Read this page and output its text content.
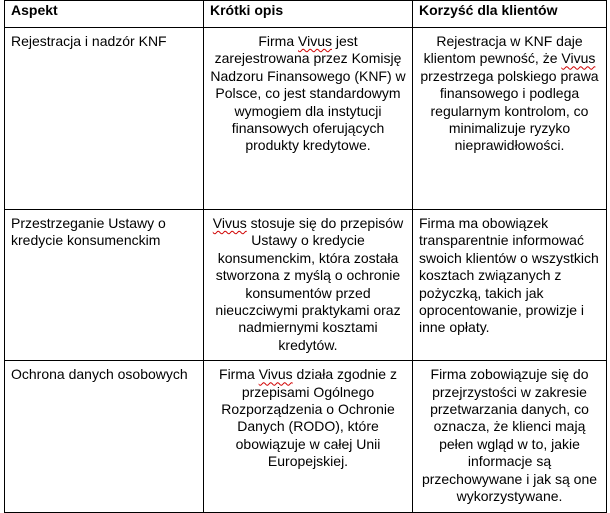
Aspekt	Krótki opis	Korzyść dla klientów
Rejestracja i nadzór KNF	Firma Vivus jest zarejestrowana przez Komisję Nadzoru Finansowego (KNF) w Polsce, co jest standardowym wymogiem dla instytucji finansowych oferujących produkty kredytowe.	Rejestracja w KNF daje klientom pewność, że Vivus przestrzega polskiego prawa finansowego i podlega regularnym kontrolom, co minimalizuje ryzyko nieprawidłowości.
Przestrzeganie Ustawy o kredycie konsumenckim	Vivus stosuje się do przepisów Ustawy o kredycie konsumenckim, która została stworzona z myślą o ochronie konsumentów przed nieuczciwymi praktykami oraz nadmiernymi kosztami kredytów.	Firma ma obowiązek transparentnie informować swoich klientów o wszystkich kosztach związanych z pożyczką, takich jak oprocentowanie, prowizje i inne opłaty.
Ochrona danych osobowych	Firma Vivus działa zgodnie z przepisami Ogólnego Rozporządzenia o Ochronie Danych (RODO), które obowiązuje w całej Unii Europejskiej.	Firma zobowiązuje się do przejrzystości w zakresie przetwarzania danych, co oznacza, że klienci mają pełen wgląd w to, jakie informacje są przechowywane i jak są one wykorzystywane.
